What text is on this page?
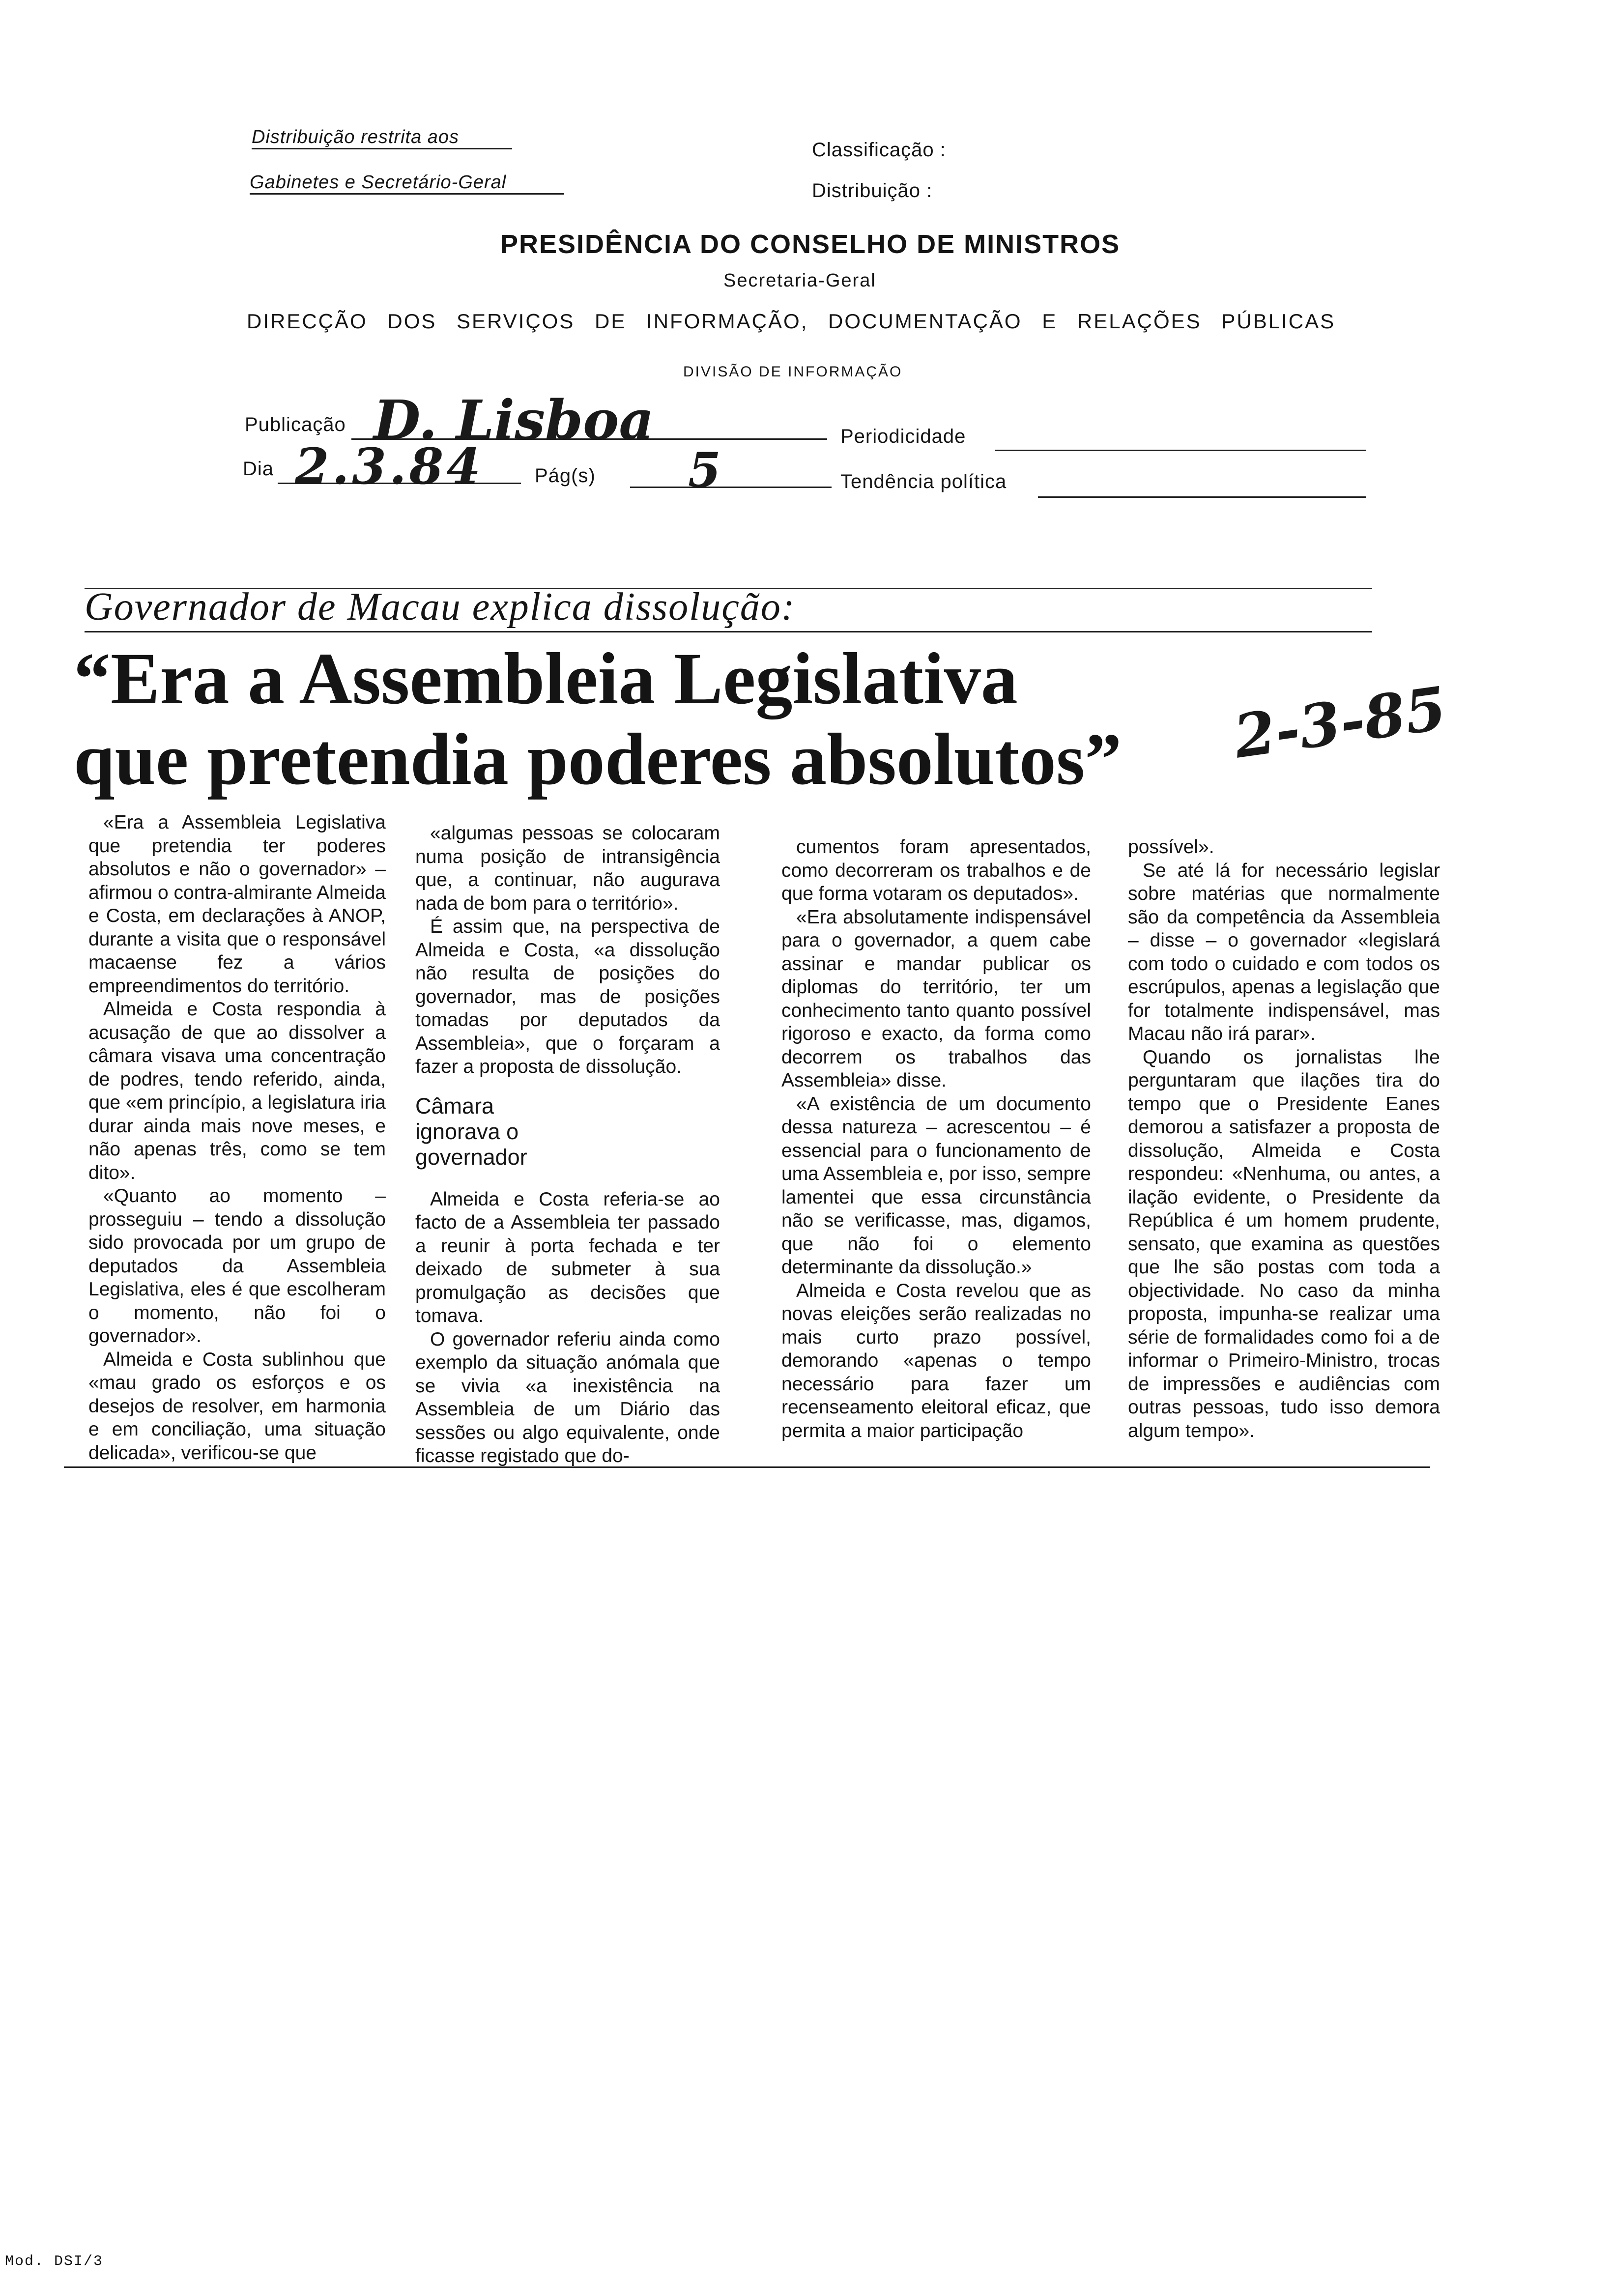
Distribuição restrita aos
Gabinetes e Secretário-Geral
Classificação :
Distribuição :
PRESIDÊNCIA DO CONSELHO DE MINISTROS
Secretaria-Geral
DIRECÇÃO DOS SERVIÇOS DE INFORMAÇÃO, DOCUMENTAÇÃO E RELAÇÕES PÚBLICAS
DIVISÃO DE INFORMAÇÃO
Publicação D. Lisboa	Periodicidade
Dia 2.3.84	Pág(s) 5	Tendência política
Governador de Macau explica dissolução:
“Era a Assembleia Legislativa
que pretendia poderes absolutos” 2-3-85

«Era a Assembleia Legislativa que pretendia ter poderes absolutos e não o governador» – afirmou o contra-almirante Almeida e Costa, em declarações à ANOP, durante a visita que o responsável macaense fez a vários empreendimentos do território.

Almeida e Costa respondia à acusação de que ao dissolver a câmara visava uma concentração de podres, tendo referido, ainda, que «em princípio, a legislatura iria durar ainda mais nove meses, e não apenas três, como se tem dito».

«Quanto ao momento – prosseguiu – tendo a dissolução sido provocada por um grupo de deputados da Assembleia Legislativa, eles é que escolheram o momento, não foi o governador».

Almeida e Costa sublinhou que «mau grado os esforços e os desejos de resolver, em harmonia e em conciliação, uma situação delicada», verificou-se que

«algumas pessoas se colocaram numa posição de intransigência que, a continuar, não augurava nada de bom para o território».

É assim que, na perspectiva de Almeida e Costa, «a dissolução não resulta de posições do governador, mas de posições tomadas por deputados da Assembleia», que o forçaram a fazer a proposta de dissolução.

Câmara ignorava o governador

Almeida e Costa referia-se ao facto de a Assembleia ter passado a reunir à porta fechada e ter deixado de submeter à sua promulgação as decisões que tomava.

O governador referiu ainda como exemplo da situação anómala que se vivia «a inexistência na Assembleia de um Diário das sessões ou algo equivalente, onde ficasse registado que do-

cumentos foram apresentados, como decorreram os trabalhos e de que forma votaram os deputados».

«Era absolutamente indispensável para o governador, a quem cabe assinar e mandar publicar os diplomas do território, ter um conhecimento tanto quanto possível rigoroso e exacto, da forma como decorrem os trabalhos das Assembleia» disse.

«A existência de um documento dessa natureza – acrescentou – é essencial para o funcionamento de uma Assembleia e, por isso, sempre lamentei que essa circunstância não se verificasse, mas, digamos, que não foi o elemento determinante da dissolução.»

Almeida e Costa revelou que as novas eleições serão realizadas no mais curto prazo possível, demorando «apenas o tempo necessário para fazer um recenseamento eleitoral eficaz, que permita a maior participação

possível».

Se até lá for necessário legislar sobre matérias que normalmente são da competência da Assembleia – disse – o governador «legislará com todo o cuidado e com todos os escrúpulos, apenas a legislação que for totalmente indispensável, mas Macau não irá parar».

Quando os jornalistas lhe perguntaram que ilações tira do tempo que o Presidente Eanes demorou a satisfazer a proposta de dissolução, Almeida e Costa respondeu: «Nenhuma, ou antes, a ilação evidente, o Presidente da República é um homem prudente, sensato, que examina as questões que lhe são postas com toda a objectividade. No caso da minha proposta, impunha-se realizar uma série de formalidades como foi a de informar o Primeiro-Ministro, trocas de impressões e audiências com outras pessoas, tudo isso demora algum tempo».

Mod. DSI/3
